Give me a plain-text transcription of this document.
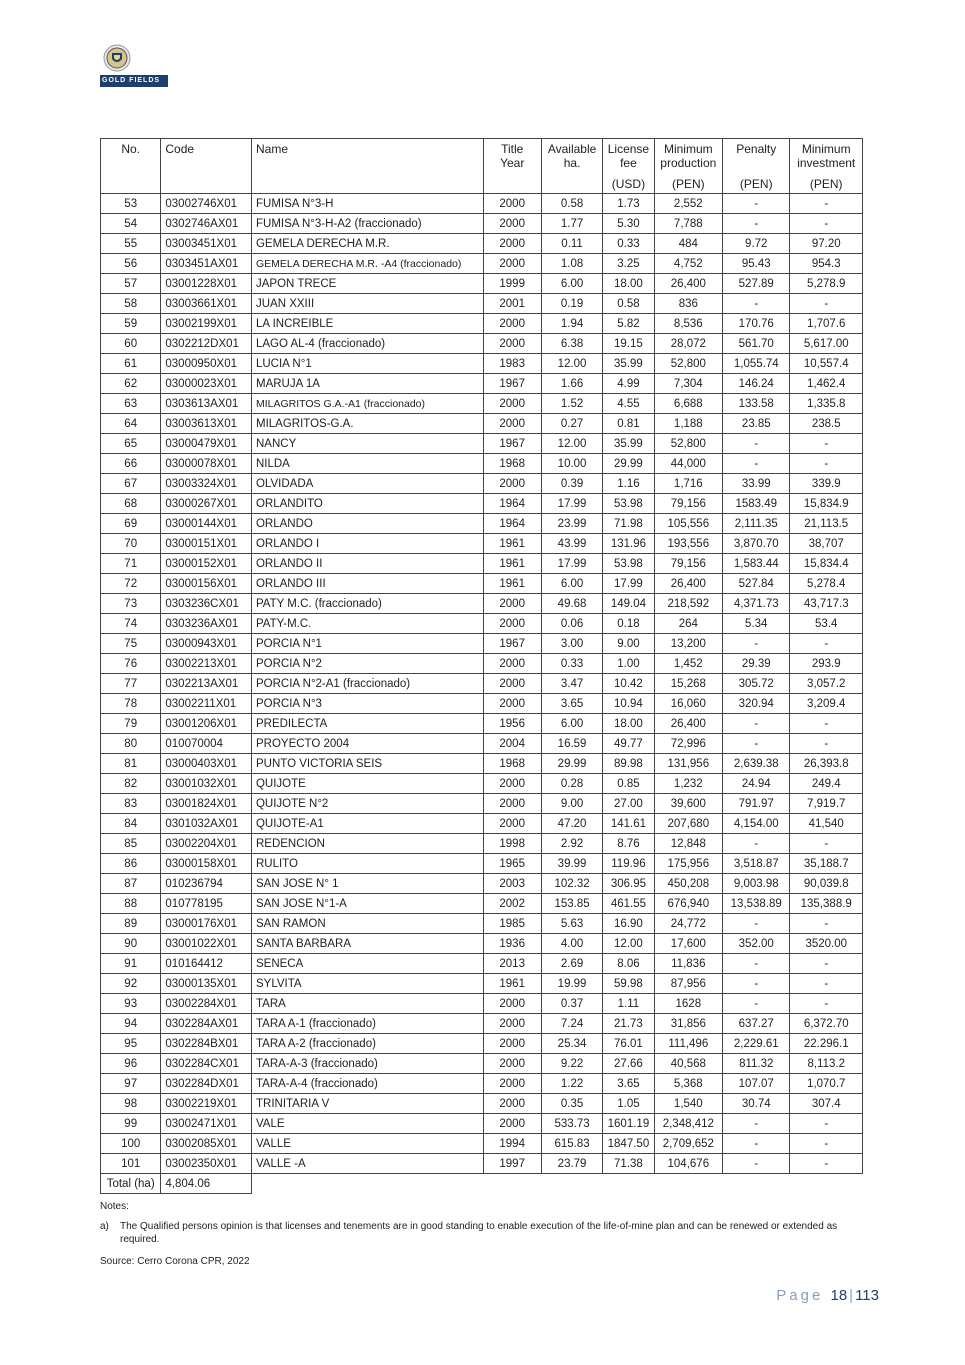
GOLD FIELDS
No.	Code	Name	Title Year	Available ha.	License fee	Minimum production	Penalty	Minimum investment
					(USD)	(PEN)	(PEN)	(PEN)
53	03002746X01	FUMISA N°3-H	2000	0.58	1.73	2,552	-	-
54	0302746AX01	FUMISA N°3-H-A2 (fraccionado)	2000	1.77	5.30	7,788	-	-
55	03003451X01	GEMELA DERECHA M.R.	2000	0.11	0.33	484	9.72	97.20
56	0303451AX01	GEMELA DERECHA M.R. -A4 (fraccionado)	2000	1.08	3.25	4,752	95.43	954.3
57	03001228X01	JAPON TRECE	1999	6.00	18.00	26,400	527.89	5,278.9
58	03003661X01	JUAN XXIII	2001	0.19	0.58	836	-	-
59	03002199X01	LA INCREIBLE	2000	1.94	5.82	8,536	170.76	1,707.6
60	0302212DX01	LAGO AL-4 (fraccionado)	2000	6.38	19.15	28,072	561.70	5,617.00
61	03000950X01	LUCIA N°1	1983	12.00	35.99	52,800	1,055.74	10,557.4
62	03000023X01	MARUJA 1A	1967	1.66	4.99	7,304	146.24	1,462.4
63	0303613AX01	MILAGRITOS G.A.-A1 (fraccionado)	2000	1.52	4.55	6,688	133.58	1,335.8
64	03003613X01	MILAGRITOS-G.A.	2000	0.27	0.81	1,188	23.85	238.5
65	03000479X01	NANCY	1967	12.00	35.99	52,800	-	-
66	03000078X01	NILDA	1968	10.00	29.99	44,000	-	-
67	03003324X01	OLVIDADA	2000	0.39	1.16	1,716	33.99	339.9
68	03000267X01	ORLANDITO	1964	17.99	53.98	79,156	1583.49	15,834.9
69	03000144X01	ORLANDO	1964	23.99	71.98	105,556	2,111.35	21,113.5
70	03000151X01	ORLANDO I	1961	43.99	131.96	193,556	3,870.70	38,707
71	03000152X01	ORLANDO II	1961	17.99	53.98	79,156	1,583.44	15,834.4
72	03000156X01	ORLANDO III	1961	6.00	17.99	26,400	527.84	5,278.4
73	0303236CX01	PATY M.C. (fraccionado)	2000	49.68	149.04	218,592	4,371.73	43,717.3
74	0303236AX01	PATY-M.C.	2000	0.06	0.18	264	5.34	53.4
75	03000943X01	PORCIA N°1	1967	3.00	9.00	13,200	-	-
76	03002213X01	PORCIA N°2	2000	0.33	1.00	1,452	29.39	293.9
77	0302213AX01	PORCIA N°2-A1 (fraccionado)	2000	3.47	10.42	15,268	305.72	3,057.2
78	03002211X01	PORCIA N°3	2000	3.65	10.94	16,060	320.94	3,209.4
79	03001206X01	PREDILECTA	1956	6.00	18.00	26,400	-	-
80	010070004	PROYECTO 2004	2004	16.59	49.77	72,996	-	-
81	03000403X01	PUNTO VICTORIA SEIS	1968	29.99	89.98	131,956	2,639.38	26,393.8
82	03001032X01	QUIJOTE	2000	0.28	0.85	1,232	24.94	249.4
83	03001824X01	QUIJOTE N°2	2000	9.00	27.00	39,600	791.97	7,919.7
84	0301032AX01	QUIJOTE-A1	2000	47.20	141.61	207,680	4,154.00	41,540
85	03002204X01	REDENCION	1998	2.92	8.76	12,848	-	-
86	03000158X01	RULITO	1965	39.99	119.96	175,956	3,518.87	35,188.7
87	010236794	SAN JOSE N° 1	2003	102.32	306.95	450,208	9,003.98	90,039.8
88	010778195	SAN JOSE N°1-A	2002	153.85	461.55	676,940	13,538.89	135,388.9
89	03000176X01	SAN RAMON	1985	5.63	16.90	24,772	-	-
90	03001022X01	SANTA BARBARA	1936	4.00	12.00	17,600	352.00	3520.00
91	010164412	SENECA	2013	2.69	8.06	11,836	-	-
92	03000135X01	SYLVITA	1961	19.99	59.98	87,956	-	-
93	03002284X01	TARA	2000	0.37	1.11	1628	-	-
94	0302284AX01	TARA A-1 (fraccionado)	2000	7.24	21.73	31,856	637.27	6,372.70
95	0302284BX01	TARA A-2 (fraccionado)	2000	25.34	76.01	111,496	2,229.61	22.296.1
96	0302284CX01	TARA-A-3 (fraccionado)	2000	9.22	27.66	40,568	811.32	8,113.2
97	0302284DX01	TARA-A-4 (fraccionado)	2000	1.22	3.65	5,368	107.07	1,070.7
98	03002219X01	TRINITARIA V	2000	0.35	1.05	1,540	30.74	307.4
99	03002471X01	VALE	2000	533.73	1601.19	2,348,412	-	-
100	03002085X01	VALLE	1994	615.83	1847.50	2,709,652	-	-
101	03002350X01	VALLE -A	1997	23.79	71.38	104,676	-	-
Total (ha)	4,804.06							
Notes:
a) The Qualified persons opinion is that licenses and tenements are in good standing to enable execution of the life-of-mine plan and can be renewed or extended as required.
Source: Cerro Corona CPR, 2022
Page 18 | 113
